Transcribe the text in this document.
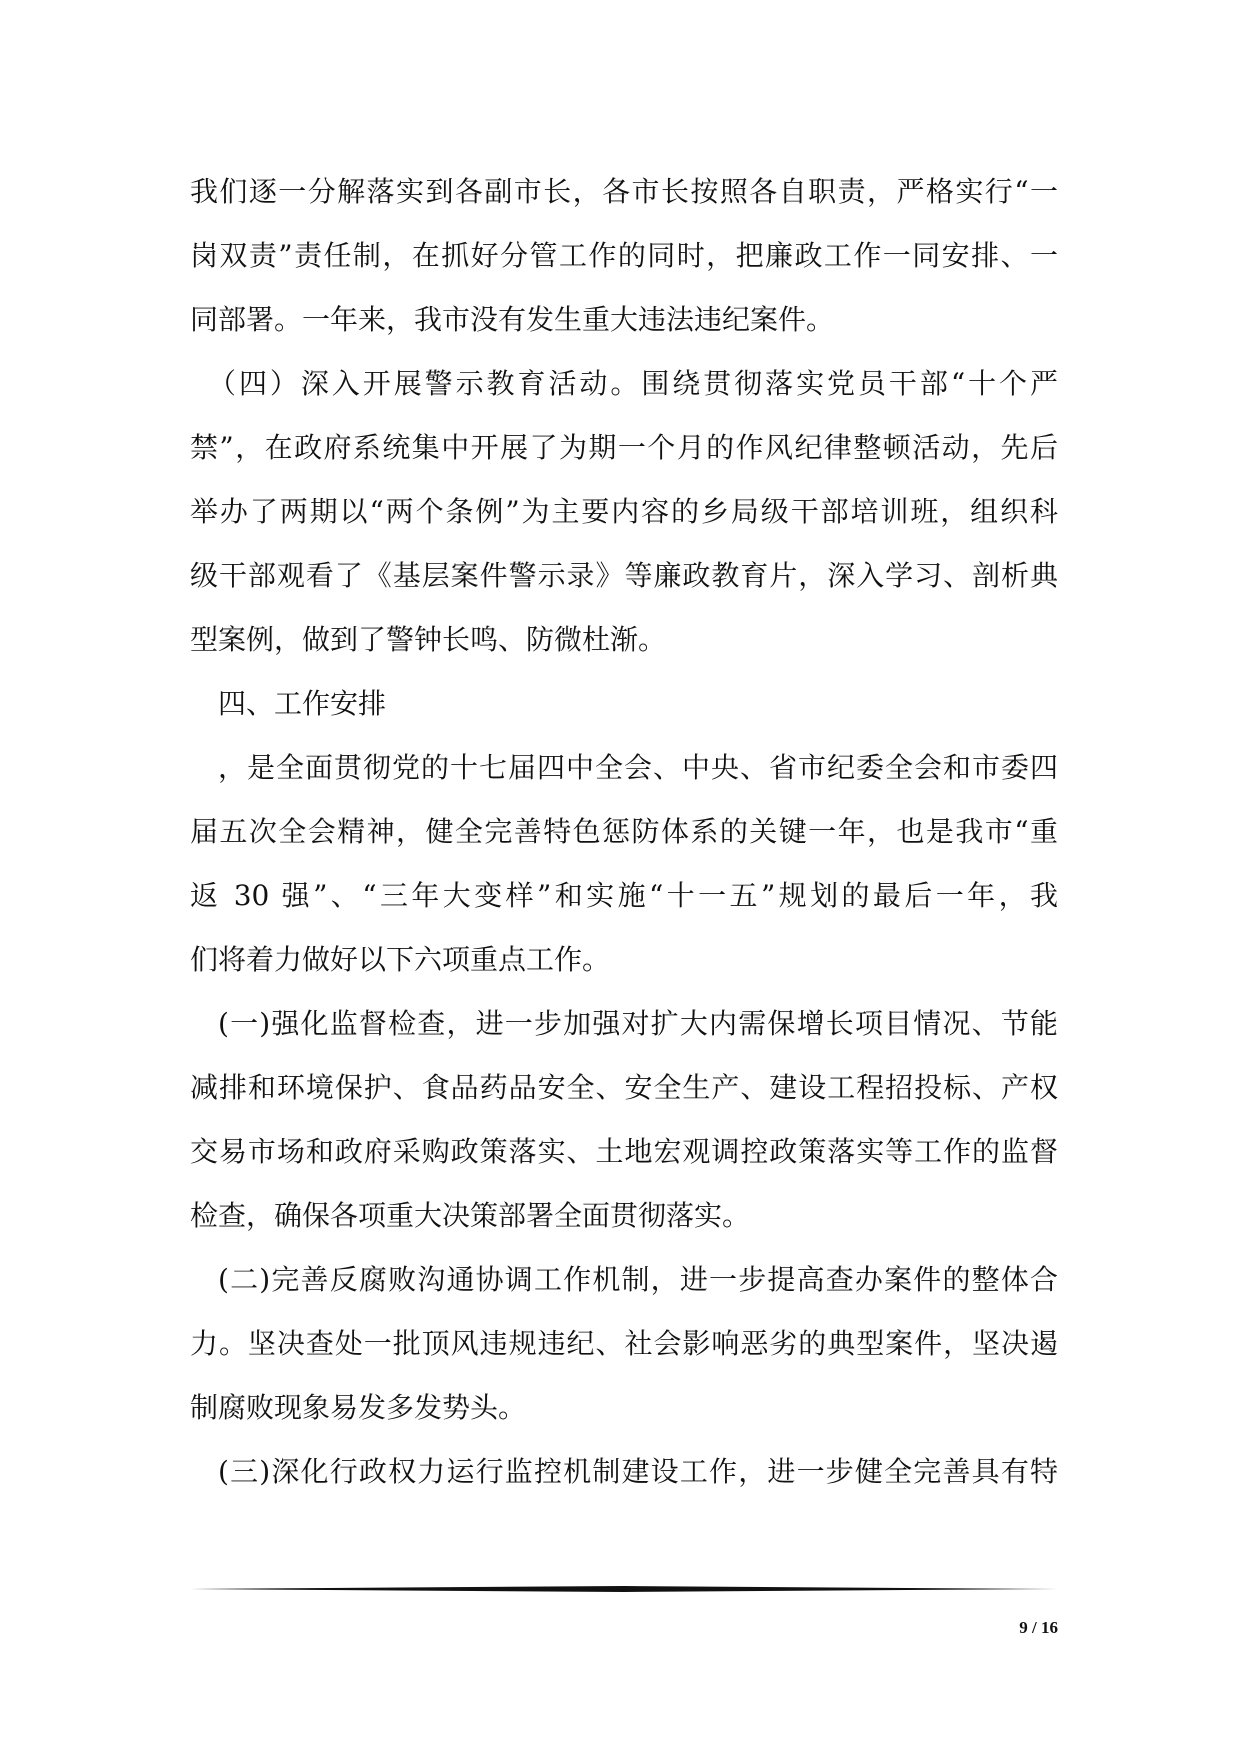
我们逐一分解落实到各副市长，各市长按照各自职责，严格实行“一
岗双责”责任制，在抓好分管工作的同时，把廉政工作一同安排、一
同部署。一年来，我市没有发生重大违法违纪案件。
（四）深入开展警示教育活动。围绕贯彻落实党员干部“十个严
禁”，在政府系统集中开展了为期一个月的作风纪律整顿活动，先后
举办了两期以“两个条例”为主要内容的乡局级干部培训班，组织科
级干部观看了《基层案件警示录》等廉政教育片，深入学习、剖析典
型案例，做到了警钟长鸣、防微杜渐。
四、工作安排
，是全面贯彻党的十七届四中全会、中央、省市纪委全会和市委四
届五次全会精神，健全完善特色惩防体系的关键一年，也是我市“重
返 30 强”、“三年大变样”和实施“十一五”规划的最后一年，我
们将着力做好以下六项重点工作。
(一)强化监督检查，进一步加强对扩大内需保增长项目情况、节能
减排和环境保护、食品药品安全、安全生产、建设工程招投标、产权
交易市场和政府采购政策落实、土地宏观调控政策落实等工作的监督
检查，确保各项重大决策部署全面贯彻落实。
(二)完善反腐败沟通协调工作机制，进一步提高查办案件的整体合
力。坚决查处一批顶风违规违纪、社会影响恶劣的典型案件，坚决遏
制腐败现象易发多发势头。
(三)深化行政权力运行监控机制建设工作，进一步健全完善具有特
9 / 16
